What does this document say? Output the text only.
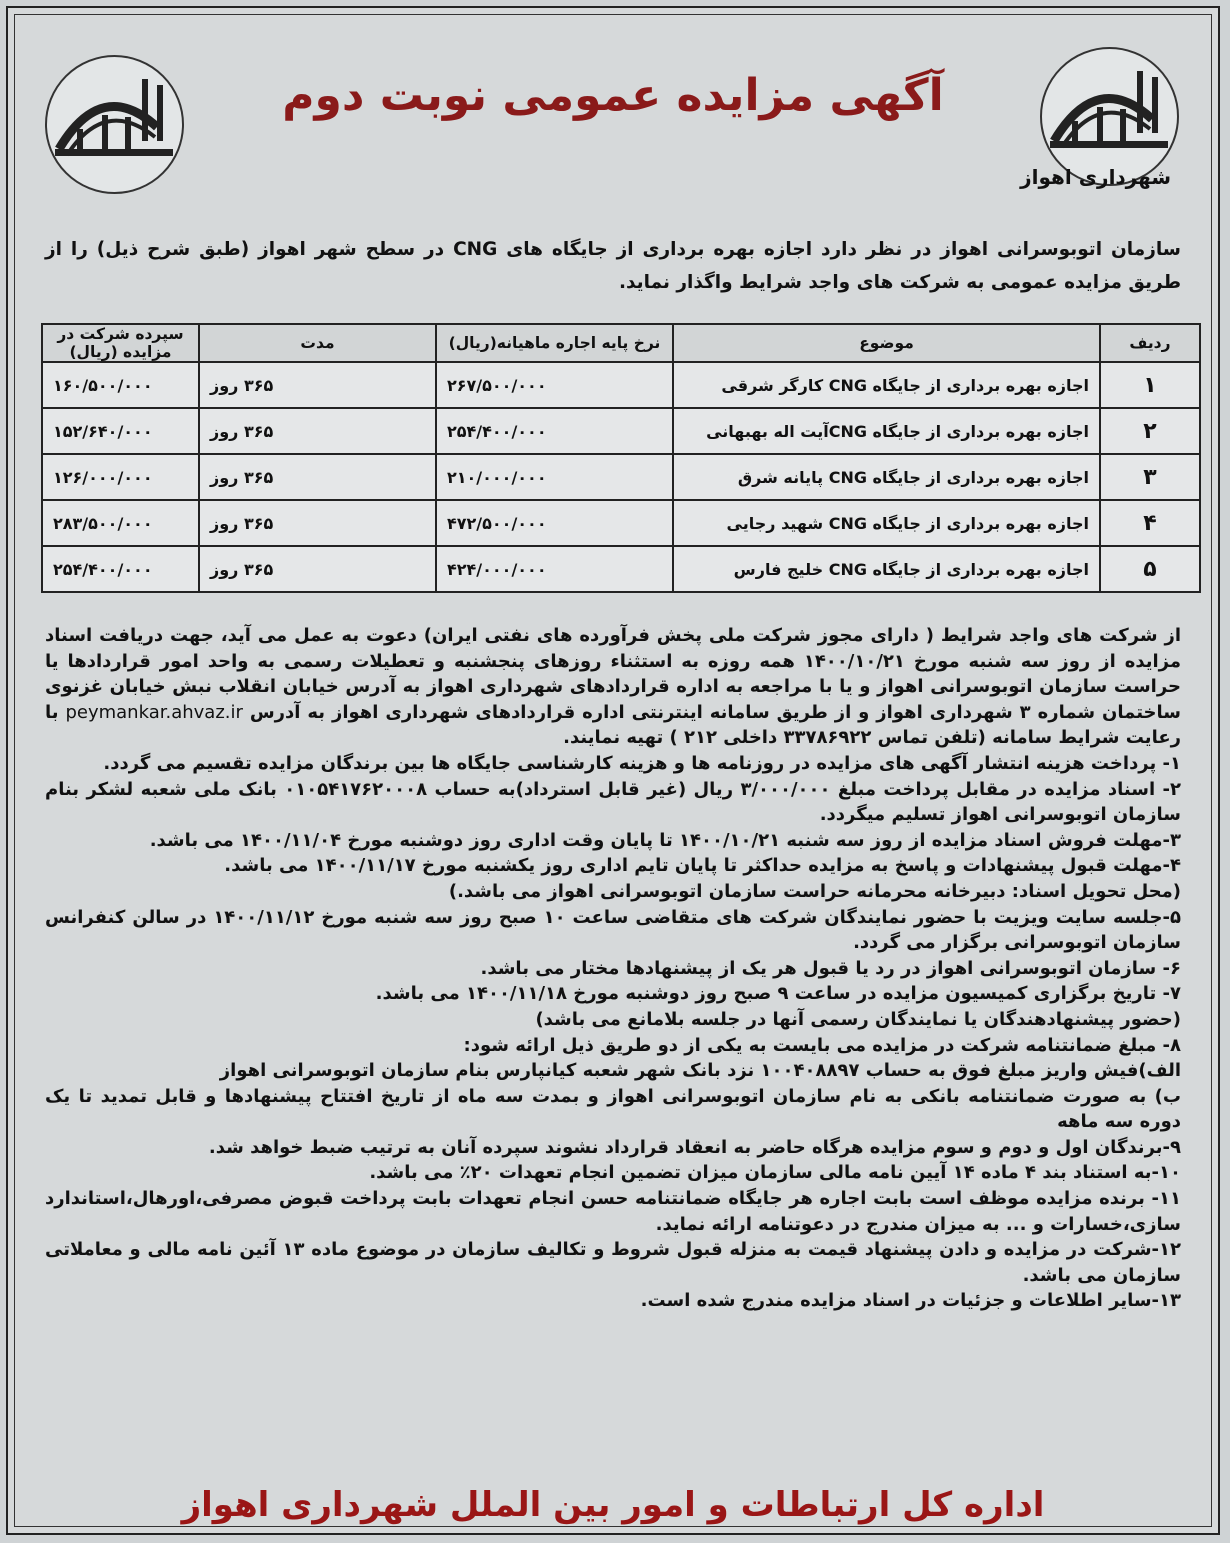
آگهی مزایده عمومی نوبت دوم
شهرداری اهواز
سازمان اتوبوسرانی اهواز در نظر دارد اجازه بهره برداری از جایگاه های CNG در سطح شهر اهواز (طبق شرح ذیل) را از طریق مزایده عمومی به شرکت های واجد شرایط واگذار نماید.
ردیف	موضوع	نرخ پایه اجاره ماهیانه(ریال)	مدت	سپرده شرکت در مزایده (ریال)
۱	اجازه بهره برداری از جایگاه CNG کارگر شرقی	۲۶۷/۵۰۰/۰۰۰	۳۶۵ روز	۱۶۰/۵۰۰/۰۰۰
۲	اجازه بهره برداری از جایگاه CNGآیت اله بهبهانی	۲۵۴/۴۰۰/۰۰۰	۳۶۵ روز	۱۵۲/۶۴۰/۰۰۰
۳	اجازه بهره برداری از جایگاه CNG پایانه شرق	۲۱۰/۰۰۰/۰۰۰	۳۶۵ روز	۱۲۶/۰۰۰/۰۰۰
۴	اجازه بهره برداری از جایگاه CNG شهید رجایی	۴۷۲/۵۰۰/۰۰۰	۳۶۵ روز	۲۸۳/۵۰۰/۰۰۰
۵	اجازه بهره برداری از جایگاه CNG خلیج فارس	۴۲۴/۰۰۰/۰۰۰	۳۶۵ روز	۲۵۴/۴۰۰/۰۰۰

از شرکت های واجد شرایط ( دارای مجوز شرکت ملی پخش فرآورده های نفتی ایران) دعوت به عمل می آید، جهت دریافت اسناد مزایده از روز سه شنبه مورخ ۱۴۰۰/۱۰/۲۱ همه روزه به استثناء روزهای پنجشنبه و تعطیلات رسمی به واحد امور قراردادها یا حراست سازمان اتوبوسرانی اهواز و یا با مراجعه به اداره قراردادهای شهرداری اهواز به آدرس خیابان انقلاب نبش خیابان غزنوی ساختمان شماره ۳ شهرداری اهواز و از طریق سامانه اینترنتی اداره قراردادهای شهرداری اهواز به آدرس peymankar.ahvaz.ir با رعایت شرایط سامانه (تلفن تماس ۳۳۷۸۶۹۲۲ داخلی ۲۱۲ ) تهیه نمایند.

۱- پرداخت هزینه انتشار آگهی های مزایده در روزنامه ها و هزینه کارشناسی جایگاه ها بین برندگان مزایده تقسیم می گردد.

۲- اسناد مزایده در مقابل پرداخت مبلغ ۳/۰۰۰/۰۰۰ ریال (غیر قابل استرداد)به حساب ۰۱۰۵۴۱۷۶۲۰۰۰۸ بانک ملی شعبه لشکر بنام سازمان اتوبوسرانی اهواز تسلیم میگردد.

۳-مهلت فروش اسناد مزایده از روز سه شنبه ۱۴۰۰/۱۰/۲۱ تا پایان وقت اداری روز دوشنبه مورخ ۱۴۰۰/۱۱/۰۴ می باشد.

۴-مهلت قبول پیشنهادات و پاسخ به مزایده حداکثر تا پایان تایم اداری روز یکشنبه مورخ ۱۴۰۰/۱۱/۱۷ می باشد.

(محل تحویل اسناد: دبیرخانه محرمانه حراست سازمان اتوبوسرانی اهواز می باشد.)

۵-جلسه سایت ویزیت با حضور نمایندگان شرکت های متقاضی ساعت ۱۰ صبح روز سه شنبه مورخ ۱۴۰۰/۱۱/۱۲ در سالن کنفرانس سازمان اتوبوسرانی برگزار می گردد.

۶- سازمان اتوبوسرانی اهواز در رد یا قبول هر یک از پیشنهادها مختار می باشد.

۷- تاریخ برگزاری کمیسیون مزایده در ساعت ۹ صبح روز دوشنبه مورخ ۱۴۰۰/۱۱/۱۸ می باشد.

(حضور پیشنهادهندگان یا نمایندگان رسمی آنها در جلسه بلامانع می باشد)

۸- مبلغ ضمانتنامه شرکت در مزایده می بایست به یکی از دو طریق ذیل ارائه شود:

الف)فیش واریز مبلغ فوق به حساب ۱۰۰۴۰۸۸۹۷ نزد بانک شهر شعبه کیانپارس بنام سازمان اتوبوسرانی اهواز

ب) به صورت ضمانتنامه بانکی به نام سازمان اتوبوسرانی اهواز و بمدت سه ماه از تاریخ افتتاح پیشنهادها و قابل تمدید تا یک دوره سه ماهه

۹-برندگان اول و دوم و سوم مزایده هرگاه حاضر به انعقاد قرارداد نشوند سپرده آنان به ترتیب ضبط خواهد شد.

۱۰-به استناد بند ۴ ماده ۱۴ آیین نامه مالی سازمان میزان تضمین انجام تعهدات ۲۰٪ می باشد.

۱۱- برنده مزایده موظف است بابت اجاره هر جایگاه ضمانتنامه حسن انجام تعهدات بابت پرداخت قبوض مصرفی،اورهال،استاندارد سازی،خسارات و ... به میزان مندرج در دعوتنامه ارائه نماید.

۱۲-شرکت در مزایده و دادن پیشنهاد قیمت به منزله قبول شروط و تکالیف سازمان در موضوع ماده ۱۳ آئین نامه مالی و معاملاتی سازمان می باشد.

۱۳-سایر اطلاعات و جزئیات در اسناد مزایده مندرج شده است.

اداره کل ارتباطات و امور بین الملل شهرداری اهواز
